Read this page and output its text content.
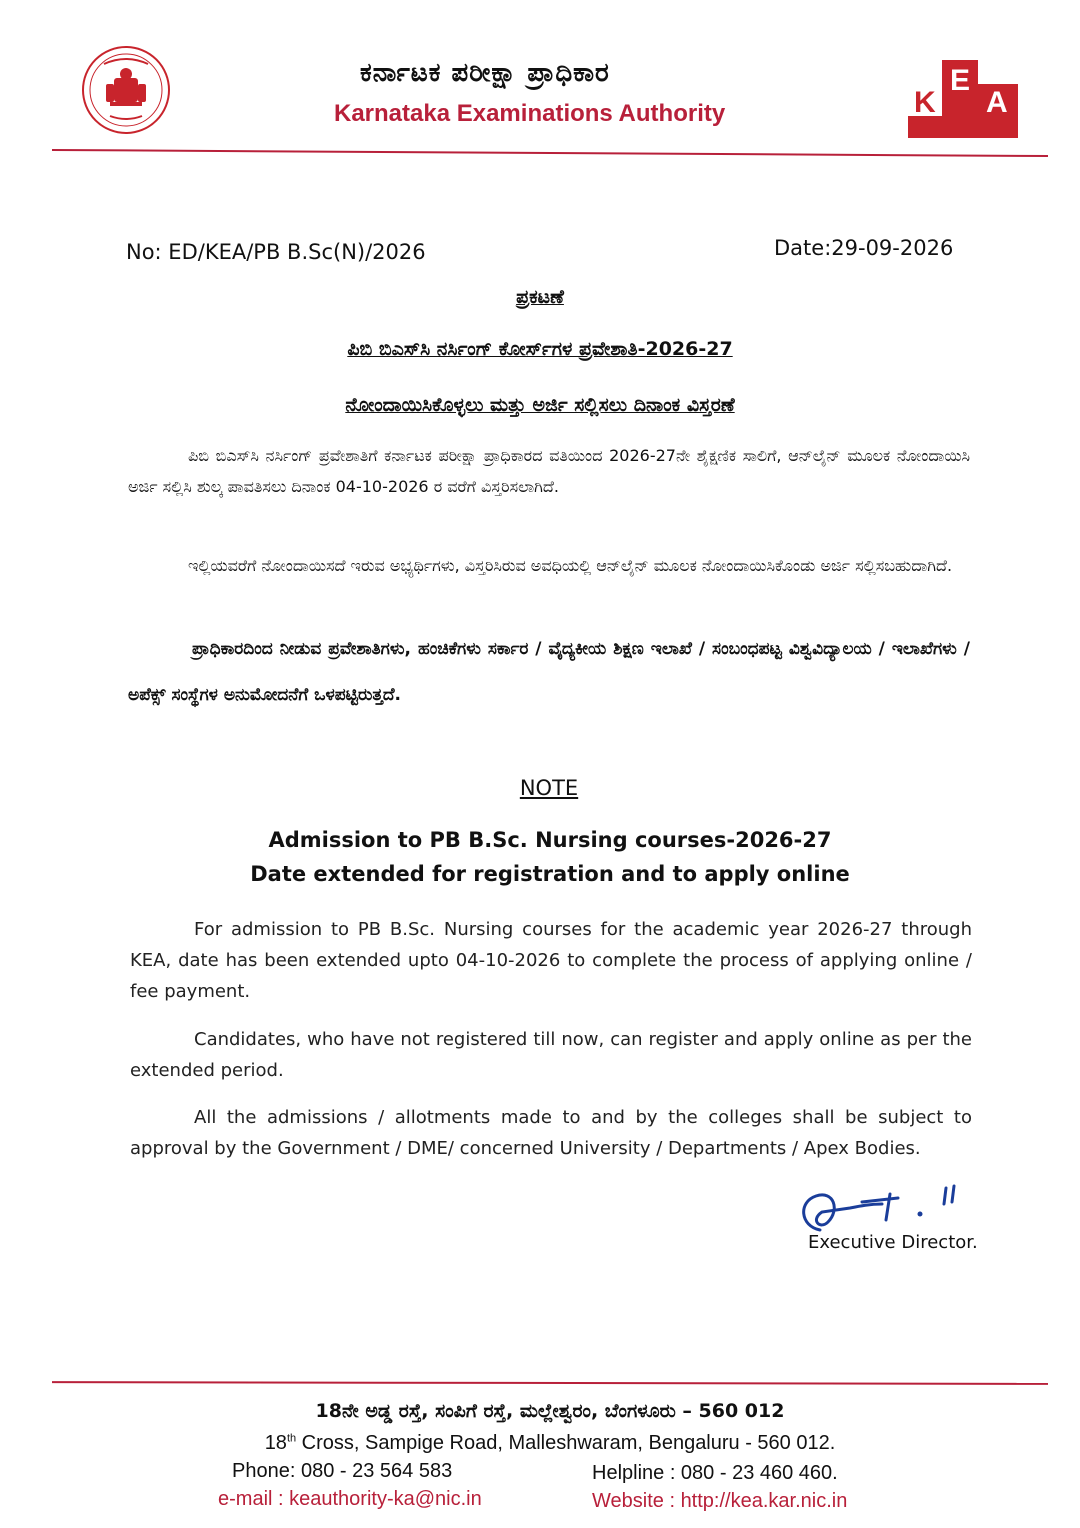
ಕರ್ನಾಟಕ ಪರೀಕ್ಷಾ ಪ್ರಾಧಿಕಾರ
Karnataka Examinations Authority	K
E
A
No: ED/KEA/PB B.Sc(N)/2026	Date:29-09-2026
ಪ್ರಕಟಣೆ
ಪಿಬಿ ಬಿಎಸ್‌ಸಿ ನರ್ಸಿಂಗ್ ಕೋರ್ಸ್‌ಗಳ ಪ್ರವೇಶಾತಿ-2026-27
ನೋಂದಾಯಿಸಿಕೊಳ್ಳಲು ಮತ್ತು ಅರ್ಜಿ ಸಲ್ಲಿಸಲು ದಿನಾಂಕ ವಿಸ್ತರಣೆ
ಪಿಬಿ ಬಿಎಸ್‌ಸಿ ನರ್ಸಿಂಗ್ ಪ್ರವೇಶಾತಿಗೆ ಕರ್ನಾಟಕ ಪರೀಕ್ಷಾ ಪ್ರಾಧಿಕಾರದ ವತಿಯಿಂದ 2026-27ನೇ ಶೈಕ್ಷಣಿಕ ಸಾಲಿಗೆ, ಆನ್‌ಲೈನ್ ಮೂಲಕ ನೋಂದಾಯಿಸಿ ಅರ್ಜಿ ಸಲ್ಲಿಸಿ ಶುಲ್ಕ ಪಾವತಿಸಲು ದಿನಾಂಕ 04-10-2026 ರ ವರೆಗೆ ವಿಸ್ತರಿಸಲಾಗಿದೆ.
ಇಲ್ಲಿಯವರೆಗೆ ನೋಂದಾಯಿಸದೆ ಇರುವ ಅಭ್ಯರ್ಥಿಗಳು, ವಿಸ್ತರಿಸಿರುವ ಅವಧಿಯಲ್ಲಿ ಆನ್‌ಲೈನ್ ಮೂಲಕ ನೋಂದಾಯಿಸಿಕೊಂಡು ಅರ್ಜಿ ಸಲ್ಲಿಸಬಹುದಾಗಿದೆ.
ಪ್ರಾಧಿಕಾರದಿಂದ ನೀಡುವ ಪ್ರವೇಶಾತಿಗಳು, ಹಂಚಿಕೆಗಳು ಸರ್ಕಾರ / ವೈದ್ಯಕೀಯ ಶಿಕ್ಷಣ ಇಲಾಖೆ / ಸಂಬಂಧಪಟ್ಟ ವಿಶ್ವವಿದ್ಯಾಲಯ / ಇಲಾಖೆಗಳು / ಅಪೆಕ್ಸ್ ಸಂಸ್ಥೆಗಳ ಅನುಮೋದನೆಗೆ ಒಳಪಟ್ಟಿರುತ್ತದೆ.
NOTE
Admission to PB B.Sc. Nursing courses-2026-27
Date extended for registration and to apply online
For admission to PB B.Sc. Nursing courses for the academic year 2026-27 through KEA, date has been extended upto 04-10-2026 to complete the process of applying online / fee payment.
Candidates, who have not registered till now, can register and apply online as per the extended period.
All the admissions / allotments made to and by the colleges shall be subject to approval by the Government / DME/ concerned University / Departments / Apex Bodies.
Executive Director.
18ನೇ ಅಡ್ಡ ರಸ್ತೆ, ಸಂಪಿಗೆ ರಸ್ತೆ, ಮಲ್ಲೇಶ್ವರಂ, ಬೆಂಗಳೂರು – 560 012
18th Cross, Sampige Road, Malleshwaram, Bengaluru - 560 012.
Phone: 080 - 23 564 583	Helpline : 080 - 23 460 460.
e-mail : keauthority-ka@nic.in	Website : http://kea.kar.nic.in
